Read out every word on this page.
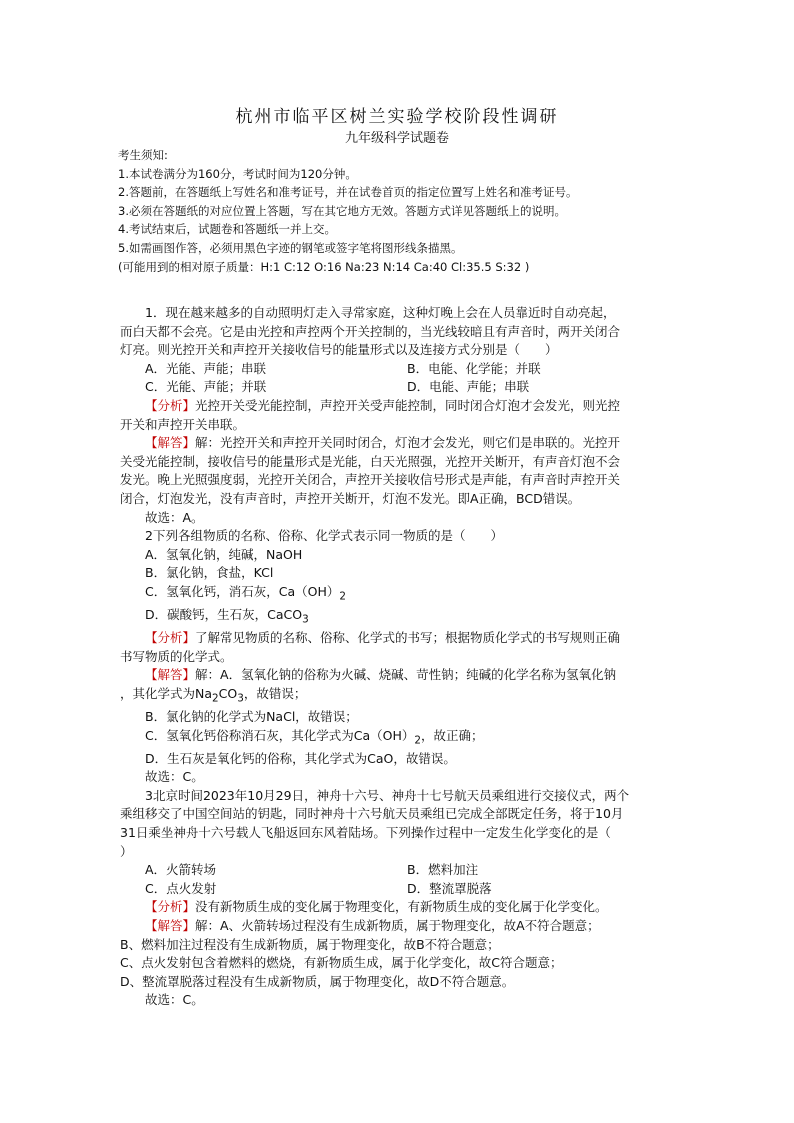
杭州市临平区树兰实验学校阶段性调研
九年级科学试题卷
考生须知:
1.本试卷满分为160分，考试时间为120分钟。
2.答题前，在答题纸上写姓名和准考证号，并在试卷首页的指定位置写上姓名和准考证号。
3.必须在答题纸的对应位置上答题，写在其它地方无效。答题方式详见答题纸上的说明。
4.考试结束后，试题卷和答题纸一并上交。
5.如需画图作答，必须用黑色字迹的钢笔或签字笔将图形线条描黑。
(可能用到的相对原子质量：H:1 C:12 O:16 Na:23 N:14 Ca:40 Cl:35.5 S:32 )

1．现在越来越多的自动照明灯走入寻常家庭，这种灯晚上会在人员靠近时自动亮起，

而白天都不会亮。它是由光控和声控两个开关控制的，当光线较暗且有声音时，两开关闭合

灯亮。则光控开关和声控开关接收信号的能量形式以及连接方式分别是（　　）

A．光能、声能；串联	B．电能、化学能；并联
C．光能、声能；并联	D．电能、声能；串联

【分析】光控开关受光能控制，声控开关受声能控制，同时闭合灯泡才会发光，则光控

开关和声控开关串联。

【解答】解：光控开关和声控开关同时闭合，灯泡才会发光，则它们是串联的。光控开

关受光能控制，接收信号的能量形式是光能，白天光照强，光控开关断开，有声音灯泡不会

发光。晚上光照强度弱，光控开关闭合，声控开关接收信号形式是声能，有声音时声控开关

闭合，灯泡发光，没有声音时，声控开关断开，灯泡不发光。即A正确，BCD错误。

故选：A。

2下列各组物质的名称、俗称、化学式表示同一物质的是（　　）

A．氢氧化钠，纯碱，NaOH

B．氯化钠，食盐，KCl

C．氢氧化钙，消石灰，$Ca(OH)_2$

D．碳酸钙，生石灰，CaCO$_3$

【分析】了解常见物质的名称、俗称、化学式的书写；根据物质化学式的书写规则正确

书写物质的化学式。

【解答】解：A．氢氧化钠的俗称为火碱、烧碱、苛性钠；纯碱的化学名称为氢氧化钠

，其化学式为$Na_2CO_3$，故错误；

B．氯化钠的化学式为NaCl，故错误；

C．氢氧化钙俗称消石灰，其化学式为$Ca(OH)_2$，故正确；

D．生石灰是氧化钙的俗称，其化学式为CaO，故错误。

故选：C。

3北京时间2023年10月29日，神舟十六号、神舟十七号航天员乘组进行交接仪式，两个

乘组移交了中国空间站的钥匙，同时神舟十六号航天员乘组已完成全部既定任务，将于10月

31日乘坐神舟十六号载人飞船返回东风着陆场。下列操作过程中一定发生化学变化的是（

）

A．火箭转场	B．燃料加注
C．点火发射	D．整流罩脱落

【分析】没有新物质生成的变化属于物理变化，有新物质生成的变化属于化学变化。

【解答】解：A、火箭转场过程没有生成新物质，属于物理变化，故A不符合题意；

B、燃料加注过程没有生成新物质，属于物理变化，故B不符合题意；

C、点火发射包含着燃料的燃烧，有新物质生成，属于化学变化，故C符合题意；

D、整流罩脱落过程没有生成新物质，属于物理变化，故D不符合题意。

故选：C。
